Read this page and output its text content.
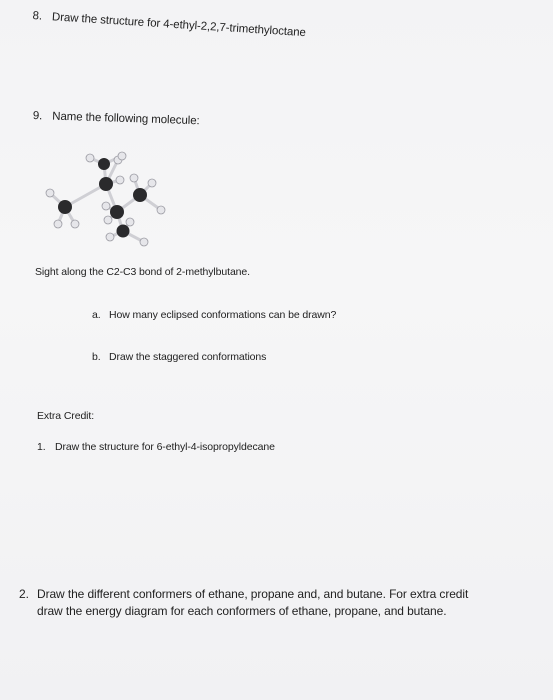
8. Draw the structure for 4-ethyl-2,2,7-trimethyloctane
9. Name the following molecule:
Sight along the C2-C3 bond of 2-methylbutane.
a. How many eclipsed conformations can be drawn?
b. Draw the staggered conformations
Extra Credit:
1. Draw the structure for 6-ethyl-4-isopropyldecane
2. Draw the different conformers of ethane, propane and, and butane. For extra credit
draw the energy diagram for each conformers of ethane, propane, and butane.
